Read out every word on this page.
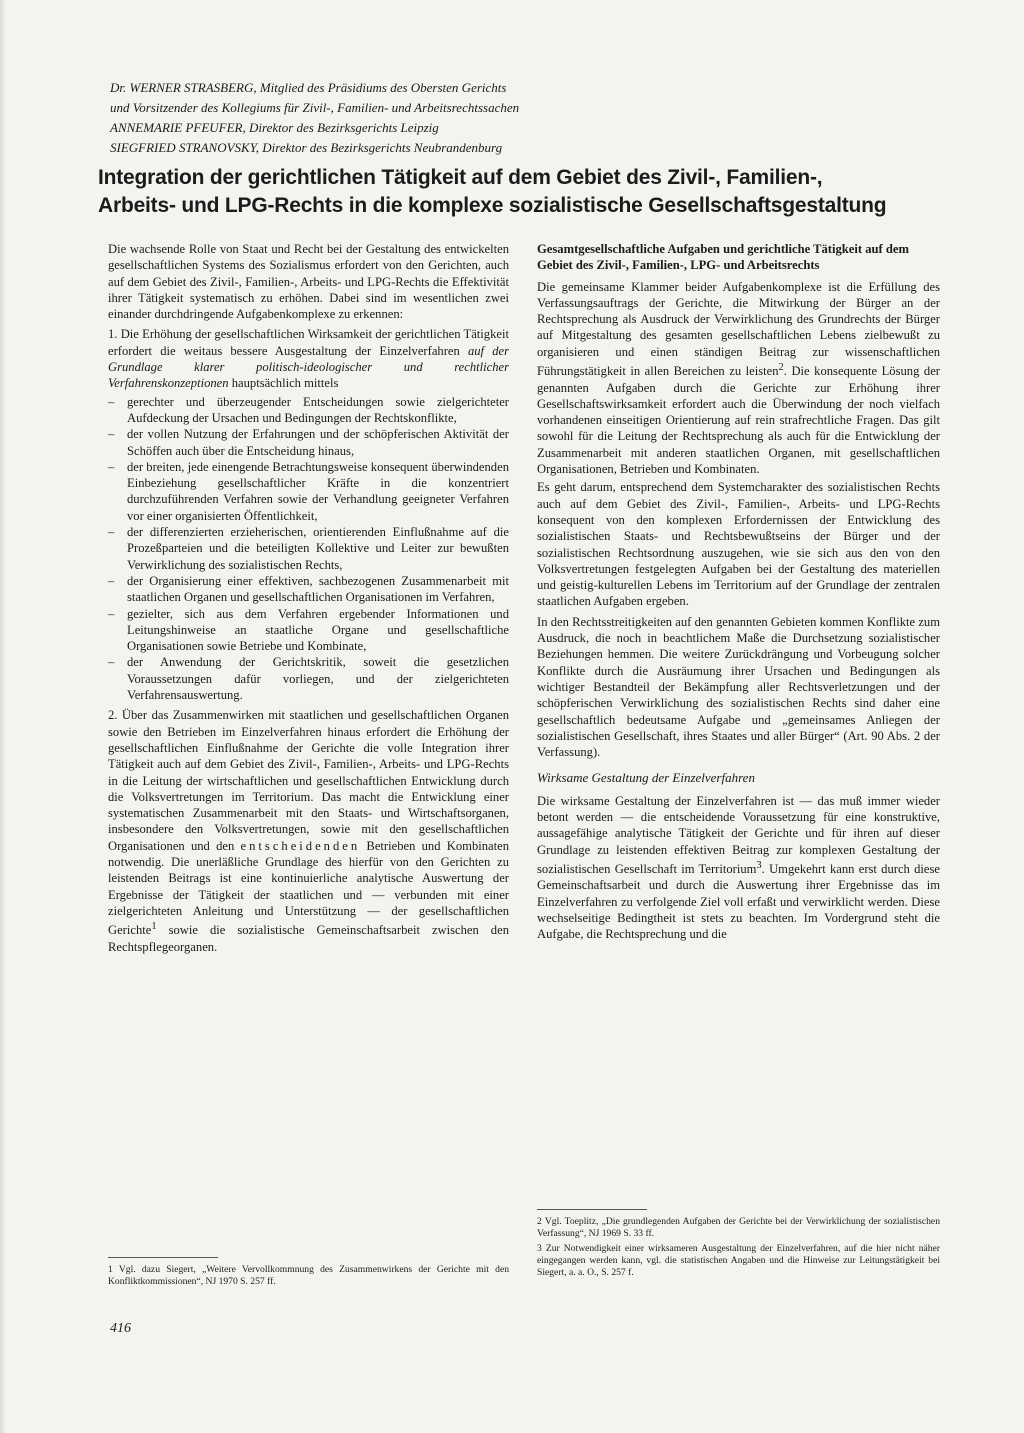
Dr. WERNER STRASBERG, Mitglied des Präsidiums des Obersten Gerichts
und Vorsitzender des Kollegiums für Zivil-, Familien- und Arbeitsrechtssachen
ANNEMARIE PFEUFER, Direktor des Bezirksgerichts Leipzig
SIEGFRIED STRANOVSKY, Direktor des Bezirksgerichts Neubrandenburg
Integration der gerichtlichen Tätigkeit auf dem Gebiet des Zivil-, Familien-,
Arbeits- und LPG-Rechts in die komplexe sozialistische Gesellschaftsgestaltung

Die wachsende Rolle von Staat und Recht bei der Gestaltung des entwickelten gesellschaftlichen Systems des Sozialismus erfordert von den Gerichten, auch auf dem Gebiet des Zivil-, Familien-, Arbeits- und LPG-Rechts die Effektivität ihrer Tätigkeit systematisch zu erhöhen. Dabei sind im wesentlichen zwei einander durchdringende Aufgabenkomplexe zu erkennen:

1. Die Erhöhung der gesellschaftlichen Wirksamkeit der gerichtlichen Tätigkeit erfordert die weitaus bessere Ausgestaltung der Einzelverfahren auf der Grundlage klarer politisch-ideologischer und rechtlicher Verfahrenskonzeptionen hauptsächlich mittels

– gerechter und überzeugender Entscheidungen sowie zielgerichteter Aufdeckung der Ursachen und Bedingungen der Rechtskonflikte,
– der vollen Nutzung der Erfahrungen und der schöpferischen Aktivität der Schöffen auch über die Entscheidung hinaus,
– der breiten, jede einengende Betrachtungsweise konsequent überwindenden Einbeziehung gesellschaftlicher Kräfte in die konzentriert durchzuführenden Verfahren sowie der Verhandlung geeigneter Verfahren vor einer organisierten Öffentlichkeit,
– der differenzierten erzieherischen, orientierenden Einflußnahme auf die Prozeßparteien und die beteiligten Kollektive und Leiter zur bewußten Verwirklichung des sozialistischen Rechts,
– der Organisierung einer effektiven, sachbezogenen Zusammenarbeit mit staatlichen Organen und gesellschaftlichen Organisationen im Verfahren,
– gezielter, sich aus dem Verfahren ergebender Informationen und Leitungshinweise an staatliche Organe und gesellschaftliche Organisationen sowie Betriebe und Kombinate,
– der Anwendung der Gerichtskritik, soweit die gesetzlichen Voraussetzungen dafür vorliegen, und der zielgerichteten Verfahrensauswertung.

2. Über das Zusammenwirken mit staatlichen und gesellschaftlichen Organen sowie den Betrieben im Einzelverfahren hinaus erfordert die Erhöhung der gesellschaftlichen Einflußnahme der Gerichte die volle Integration ihrer Tätigkeit auch auf dem Gebiet des Zivil-, Familien-, Arbeits- und LPG-Rechts in die Leitung der wirtschaftlichen und gesellschaftlichen Entwicklung durch die Volksvertretungen im Territorium. Das macht die Entwicklung einer systematischen Zusammenarbeit mit den Staats- und Wirtschaftsorganen, insbesondere den Volksvertretungen, sowie mit den gesellschaftlichen Organisationen und den entscheidenden Betrieben und Kombinaten notwendig. Die unerläßliche Grundlage des hierfür von den Gerichten zu leistenden Beitrags ist eine kontinuierliche analytische Auswertung der Ergebnisse der Tätigkeit der staatlichen und — verbunden mit einer zielgerichteten Anleitung und Unterstützung — der gesellschaftlichen Gerichte$^1$ sowie die sozialistische Gemeinschaftsarbeit zwischen den Rechtspflegeorganen.

Gesamtgesellschaftliche Aufgaben und gerichtliche Tätigkeit auf dem Gebiet des Zivil-, Familien-, LPG- und Arbeitsrechts

Die gemeinsame Klammer beider Aufgabenkomplexe ist die Erfüllung des Verfassungsauftrags der Gerichte, die Mitwirkung der Bürger an der Rechtsprechung als Ausdruck der Verwirklichung des Grundrechts der Bürger auf Mitgestaltung des gesamten gesellschaftlichen Lebens zielbewußt zu organisieren und einen ständigen Beitrag zur wissenschaftlichen Führungstätigkeit in allen Bereichen zu leisten$^2$. Die konsequente Lösung der genannten Aufgaben durch die Gerichte zur Erhöhung ihrer Gesellschaftswirksamkeit erfordert auch die Überwindung der noch vielfach vorhandenen einseitigen Orientierung auf rein strafrechtliche Fragen. Das gilt sowohl für die Leitung der Rechtsprechung als auch für die Entwicklung der Zusammenarbeit mit anderen staatlichen Organen, mit gesellschaftlichen Organisationen, Betrieben und Kombinaten.

Es geht darum, entsprechend dem Systemcharakter des sozialistischen Rechts auch auf dem Gebiet des Zivil-, Familien-, Arbeits- und LPG-Rechts konsequent von den komplexen Erfordernissen der Entwicklung des sozialistischen Staats- und Rechtsbewußtseins der Bürger und der sozialistischen Rechtsordnung auszugehen, wie sie sich aus den von den Volksvertretungen festgelegten Aufgaben bei der Gestaltung des materiellen und geistig-kulturellen Lebens im Territorium auf der Grundlage der zentralen staatlichen Aufgaben ergeben.

In den Rechtsstreitigkeiten auf den genannten Gebieten kommen Konflikte zum Ausdruck, die noch in beachtlichem Maße die Durchsetzung sozialistischer Beziehungen hemmen. Die weitere Zurückdrängung und Vorbeugung solcher Konflikte durch die Ausräumung ihrer Ursachen und Bedingungen als wichtiger Bestandteil der Bekämpfung aller Rechtsverletzungen und der schöpferischen Verwirklichung des sozialistischen Rechts sind daher eine gesellschaftlich bedeutsame Aufgabe und „gemeinsames Anliegen der sozialistischen Gesellschaft, ihres Staates und aller Bürger“ (Art. 90 Abs. 2 der Verfassung).

Wirksame Gestaltung der Einzelverfahren

Die wirksame Gestaltung der Einzelverfahren ist — das muß immer wieder betont werden — die entscheidende Voraussetzung für eine konstruktive, aussagefähige analytische Tätigkeit der Gerichte und für ihren auf dieser Grundlage zu leistenden effektiven Beitrag zur komplexen Gestaltung der sozialistischen Gesellschaft im Territorium$^3$. Umgekehrt kann erst durch diese Gemeinschaftsarbeit und durch die Auswertung ihrer Ergebnisse das im Einzelverfahren zu verfolgende Ziel voll erfaßt und verwirklicht werden. Diese wechselseitige Bedingtheit ist stets zu beachten. Im Vordergrund steht die Aufgabe, die Rechtsprechung und die

1 Vgl. dazu Siegert, „Weitere Vervollkommnung des Zusammenwirkens der Gerichte mit den Konfliktkommissionen“, NJ 1970 S. 257 ff.

2 Vgl. Toeplitz, „Die grundlegenden Aufgaben der Gerichte bei der Verwirklichung der sozialistischen Verfassung“, NJ 1969 S. 33 ff.

3 Zur Notwendigkeit einer wirksameren Ausgestaltung der Einzelverfahren, auf die hier nicht näher eingegangen werden kann, vgl. die statistischen Angaben und die Hinweise zur Leitungstätigkeit bei Siegert, a. a. O., S. 257 f.

416
